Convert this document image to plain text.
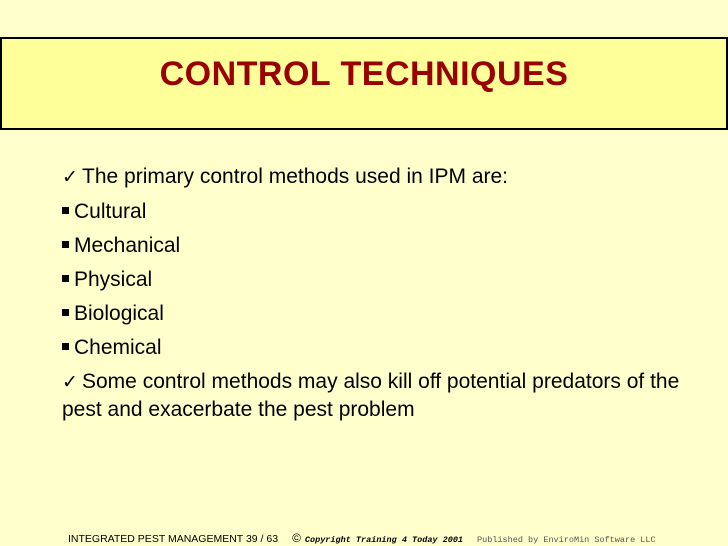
CONTROL TECHNIQUES
✓ The primary control methods used in IPM are:
Cultural
Mechanical
Physical
Biological
Chemical
✓ Some control methods may also kill off potential predators of the pest and exacerbate the pest problem
INTEGRATED PEST MANAGEMENT 39 / 63 © Copyright Training 4 Today 2001 Published by EnviroMin Software LLC
